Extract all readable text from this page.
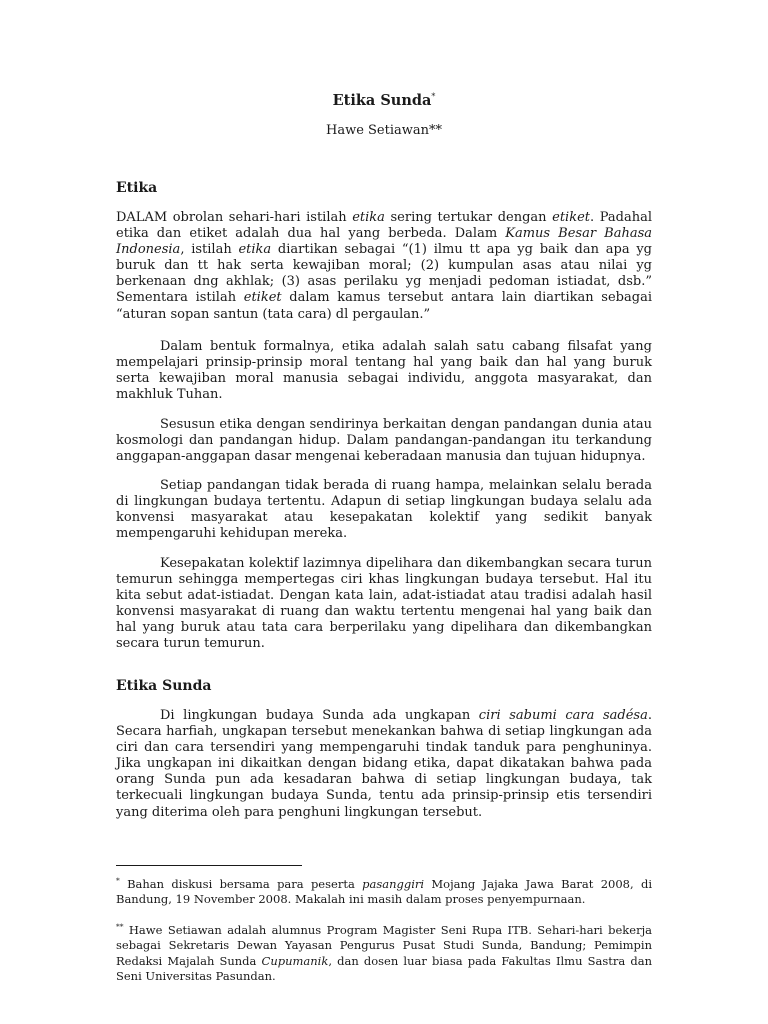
Etika Sunda*
Hawe Setiawan**
Etika

DALAM obrolan sehari-hari istilah etika sering tertukar dengan etiket. Padahal etika dan etiket adalah dua hal yang berbeda. Dalam Kamus Besar Bahasa Indonesia, istilah etika diartikan sebagai “(1) ilmu tt apa yg baik dan apa yg buruk dan tt hak serta kewajiban moral; (2) kumpulan asas atau nilai yg berkenaan dng akhlak; (3) asas perilaku yg menjadi pedoman istiadat, dsb.” Sementara istilah etiket dalam kamus tersebut antara lain diartikan sebagai “aturan sopan santun (tata cara) dl pergaulan.”

Dalam bentuk formalnya, etika adalah salah satu cabang filsafat yang mempelajari prinsip-prinsip moral tentang hal yang baik dan hal yang buruk serta kewajiban moral manusia sebagai individu, anggota masyarakat, dan makhluk Tuhan.

Sesusun etika dengan sendirinya berkaitan dengan pandangan dunia atau kosmologi dan pandangan hidup. Dalam pandangan-pandangan itu terkandung anggapan-anggapan dasar mengenai keberadaan manusia dan tujuan hidupnya.

Setiap pandangan tidak berada di ruang hampa, melainkan selalu berada di lingkungan budaya tertentu. Adapun di setiap lingkungan budaya selalu ada konvensi masyarakat atau kesepakatan kolektif yang sedikit banyak mempengaruhi kehidupan mereka.

Kesepakatan kolektif lazimnya dipelihara dan dikembangkan secara turun temurun sehingga mempertegas ciri khas lingkungan budaya tersebut. Hal itu kita sebut adat-istiadat. Dengan kata lain, adat-istiadat atau tradisi adalah hasil konvensi masyarakat di ruang dan waktu tertentu mengenai hal yang baik dan hal yang buruk atau tata cara berperilaku yang dipelihara dan dikembangkan secara turun temurun.

Etika Sunda

Di lingkungan budaya Sunda ada ungkapan ciri sabumi cara sadésa. Secara harfiah, ungkapan tersebut menekankan bahwa di setiap lingkungan ada ciri dan cara tersendiri yang mempengaruhi tindak tanduk para penghuninya. Jika ungkapan ini dikaitkan dengan bidang etika, dapat dikatakan bahwa pada orang Sunda pun ada kesadaran bahwa di setiap lingkungan budaya, tak terkecuali lingkungan budaya Sunda, tentu ada prinsip-prinsip etis tersendiri yang diterima oleh para penghuni lingkungan tersebut.

* Bahan diskusi bersama para peserta pasanggiri Mojang Jajaka Jawa Barat 2008, di Bandung, 19 November 2008. Makalah ini masih dalam proses penyempurnaan.

** Hawe Setiawan adalah alumnus Program Magister Seni Rupa ITB. Sehari-hari bekerja sebagai Sekretaris Dewan Yayasan Pengurus Pusat Studi Sunda, Bandung; Pemimpin Redaksi Majalah Sunda Cupumanik, dan dosen luar biasa pada Fakultas Ilmu Sastra dan Seni Universitas Pasundan.
